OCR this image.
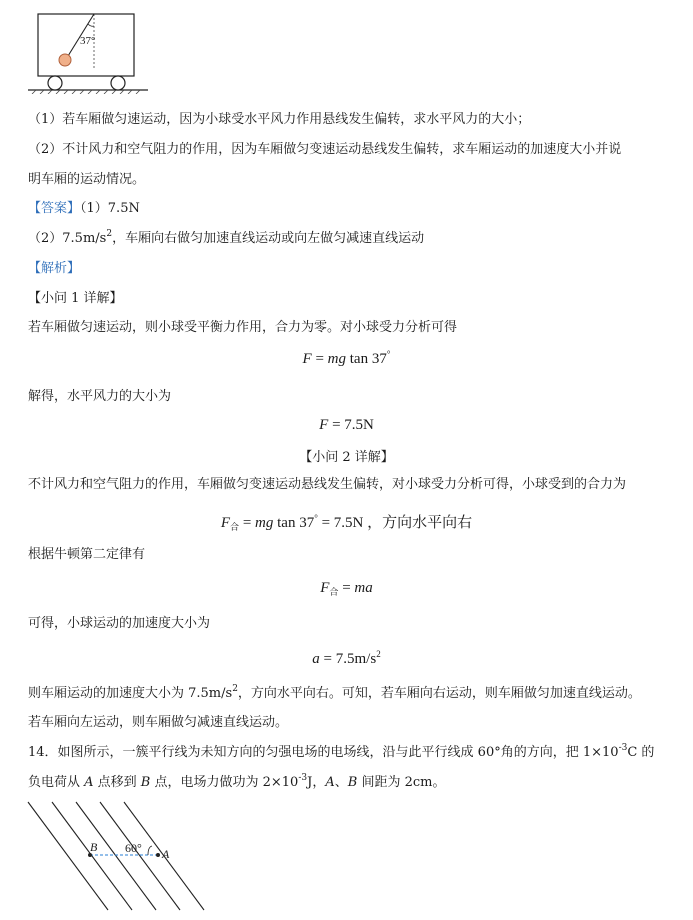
37°
（1）若车厢做匀速运动，因为小球受水平风力作用悬线发生偏转，求水平风力的大小；
（2）不计风力和空气阻力的作用，因为车厢做匀变速运动悬线发生偏转，求车厢运动的加速度大小并说
明车厢的运动情况。
【答案】（1）7.5N
$(2)7.5m/s^2$，车厢向右做匀加速直线运动或向左做匀减速直线运动
【解析】
【小问 1 详解】
若车厢做匀速运动，则小球受平衡力作用，合力为零。对小球受力分析可得
F = mg tan 37°
解得，水平风力的大小为
F = 7.5N
【小问 2 详解】
不计风力和空气阻力的作用，车厢做匀变速运动悬线发生偏转，对小球受力分析可得，小球受到的合力为
$F_合$ = mg tan 37° = 7.5N ，方向水平向右
根据牛顿第二定律有
$F_合$ = ma
可得，小球运动的加速度大小为
$a = 7.5m/s^2$
则车厢运动的加速度大小为 $7.5m/s^2$，方向水平向右。可知，若车厢向右运动，则车厢做匀加速直线运动。
若车厢向左运动，则车厢做匀减速直线运动。
14．如图所示，一簇平行线为未知方向的匀强电场的电场线，沿与此平行线成 60°角的方向，把 $1\times 10^{-3}C$ 的
负电荷从 A 点移到 B 点，电场力做功为 $2\times 10^{-3}J$，A、B 间距为 2cm。
B 60° A
